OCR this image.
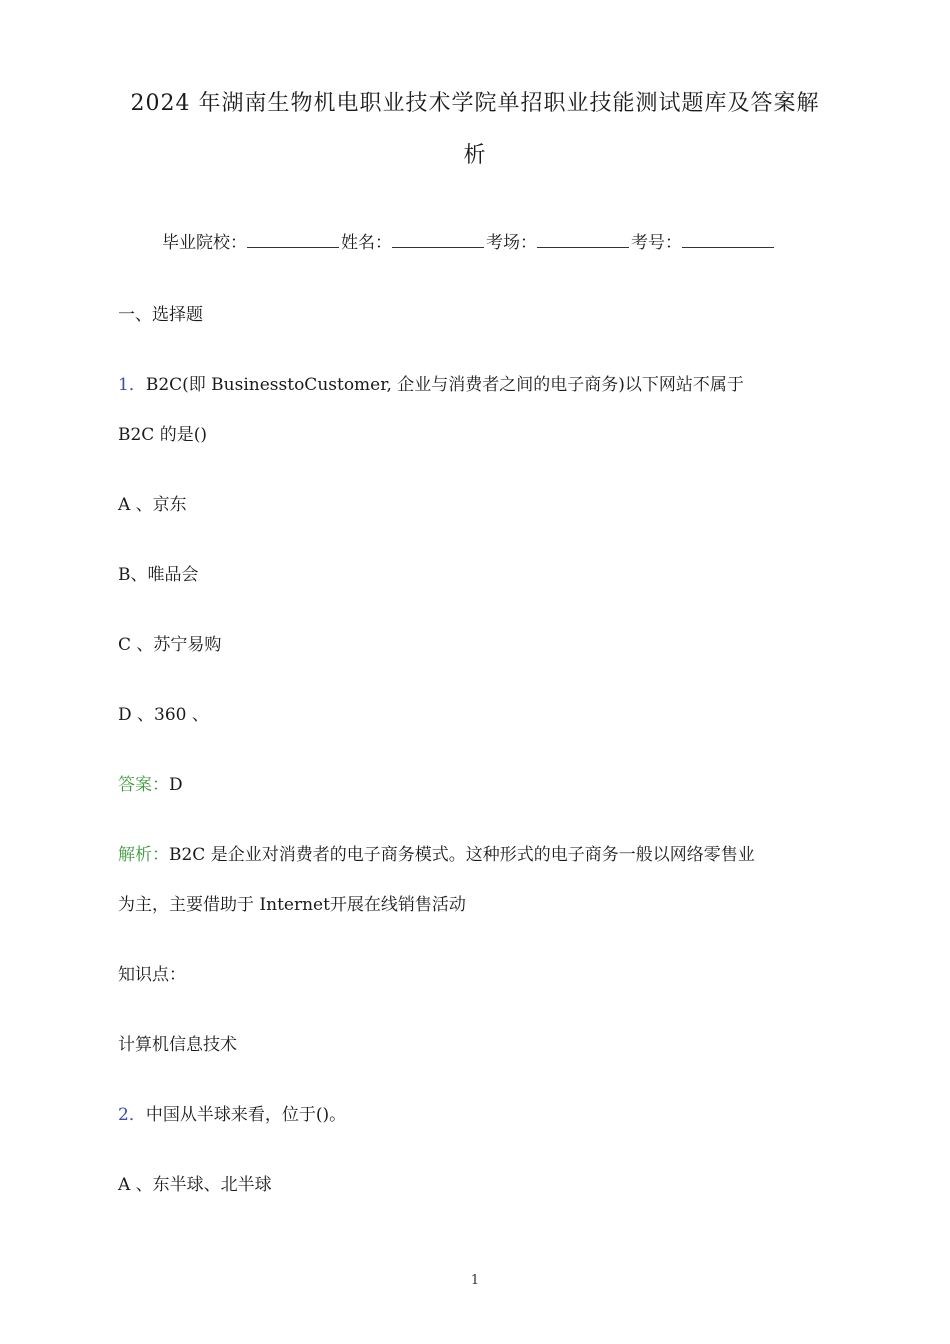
2024 年湖南生物机电职业技术学院单招职业技能测试题库及答案解
析
毕业院校：	姓名：	考场：	考号：
一、选择题
1．B2C(即 BusinesstoCustomer, 企业与消费者之间的电子商务)以下网站不属于
B2C 的是()
A 、京东
B、唯品会
C 、苏宁易购
D 、360 、
答案：D
解析：B2C 是企业对消费者的电子商务模式。这种形式的电子商务一般以网络零售业
为主，主要借助于 Internet开展在线销售活动
知识点：
计算机信息技术
2．中国从半球来看，位于()。
A 、东半球、北半球
1
